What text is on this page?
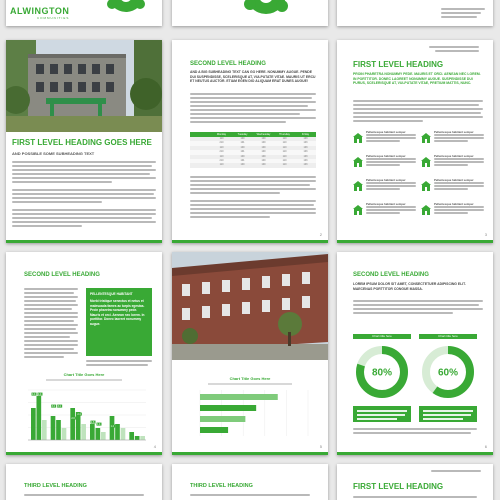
ALWINGTON
COMMUNITIES
FIRST LEVEL HEADING GOES HERE
AND POSSIBLE SOME SUBHEADING TEXT
SECOND LEVEL HEADING
AND A BIG SUBHEADING TEXT CAN GO HERE. NONUMMY AUGUE. PENDE DUI SUSPENDISSE, SCELERISQUE AT, VULPUTATE VITAE. MAURIS UT ERCU ET NEUTUS AUCTOR. ETIAM EGEN DIO ALIQUAM ERAT DUNES AUGUE!
Monday	Tuesday	Wednesday	Thursday	Friday
110	100	100	110	103
210	101	100	110	103
110	100	100	110	103
210	101	100	110	103
110	100	100	110	103
210	101	100	110	103
110	100	100	110	103
2
FIRST LEVEL HEADING
PROIN PHARETRA NONUMMY PEDE. MAURIS ET ORCI. AENEAN NEC LOREM. IN PORTTITOR. DONEC LAOREET NONUMMY AUGUE. SUSPENDISSE DUI PURUS, SCELERISQUE AT, VULPUTATE VITAE, PRETIUM MATTIS, NUNC.
Pellentesque habitant semper	Pellentesque habitant semper
Pellentesque habitant semper	Pellentesque habitant semper
Pellentesque habitant semper	Pellentesque habitant semper
Pellentesque habitant semper	Pellentesque habitant semper
3
SECOND LEVEL HEADING
PELLENTESQUE HABITANT
Morbi tristique senectus et netus et malesuada fames ac turpis egestas. Proin pharetra nonummy pede. Mauris et orci. Aenean nec lorem. In porttitor. Donec laoreet nonummy augue.
Chart Title Goes Here
4.4 4.4
3.2 3.2
2.0
2.4
1.6
1.4
1.2
4
Chart Title Goes Here
5
SECOND LEVEL HEADING
LOREM IPSUM DOLOR SIT AMET, CONSECTETUER ADIPISCING ELIT. MAECENAS PORTTITOR CONGUE MASSA.
Chart title here	Chart title here
80%	60%
6
THIRD LEVEL HEADING	THIRD LEVEL HEADING	FIRST LEVEL HEADING
